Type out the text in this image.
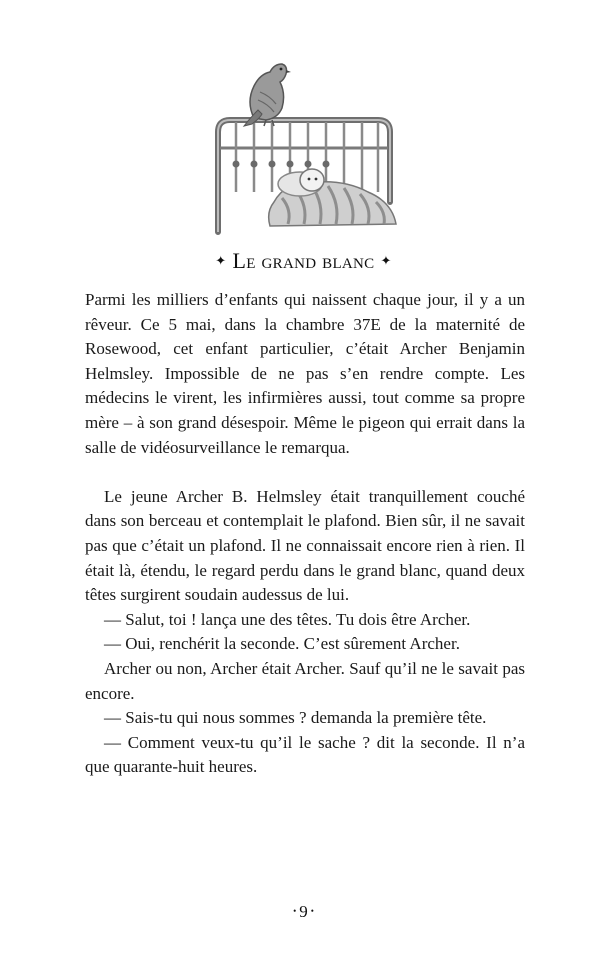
✦ Le grand blanc ✦

Parmi les milliers d’enfants qui naissent chaque jour, il y a un rêveur. Ce 5 mai, dans la chambre 37E de la maternité de Rosewood, cet enfant particulier, c’était Archer Benjamin Helmsley. Impossible de ne pas s’en rendre compte. Les médecins le virent, les infirmières aussi, tout comme sa propre mère – à son grand désespoir. Même le pigeon qui errait dans la salle de vidéosurveillance le remarqua.

Le jeune Archer B. Helmsley était tranquillement couché dans son berceau et contemplait le plafond. Bien sûr, il ne savait pas que c’était un plafond. Il ne connaissait encore rien à rien. Il était là, étendu, le regard perdu dans le grand blanc, quand deux têtes surgirent soudain audessus de lui.

— Salut, toi ! lança une des têtes. Tu dois être Archer.

— Oui, renchérit la seconde. C’est sûrement Archer.

Archer ou non, Archer était Archer. Sauf qu’il ne le savait pas encore.

— Sais-tu qui nous sommes ? demanda la première tête.

— Comment veux-tu qu’il le sache ? dit la seconde. Il n’a que quarante-huit heures.

• 9 •
